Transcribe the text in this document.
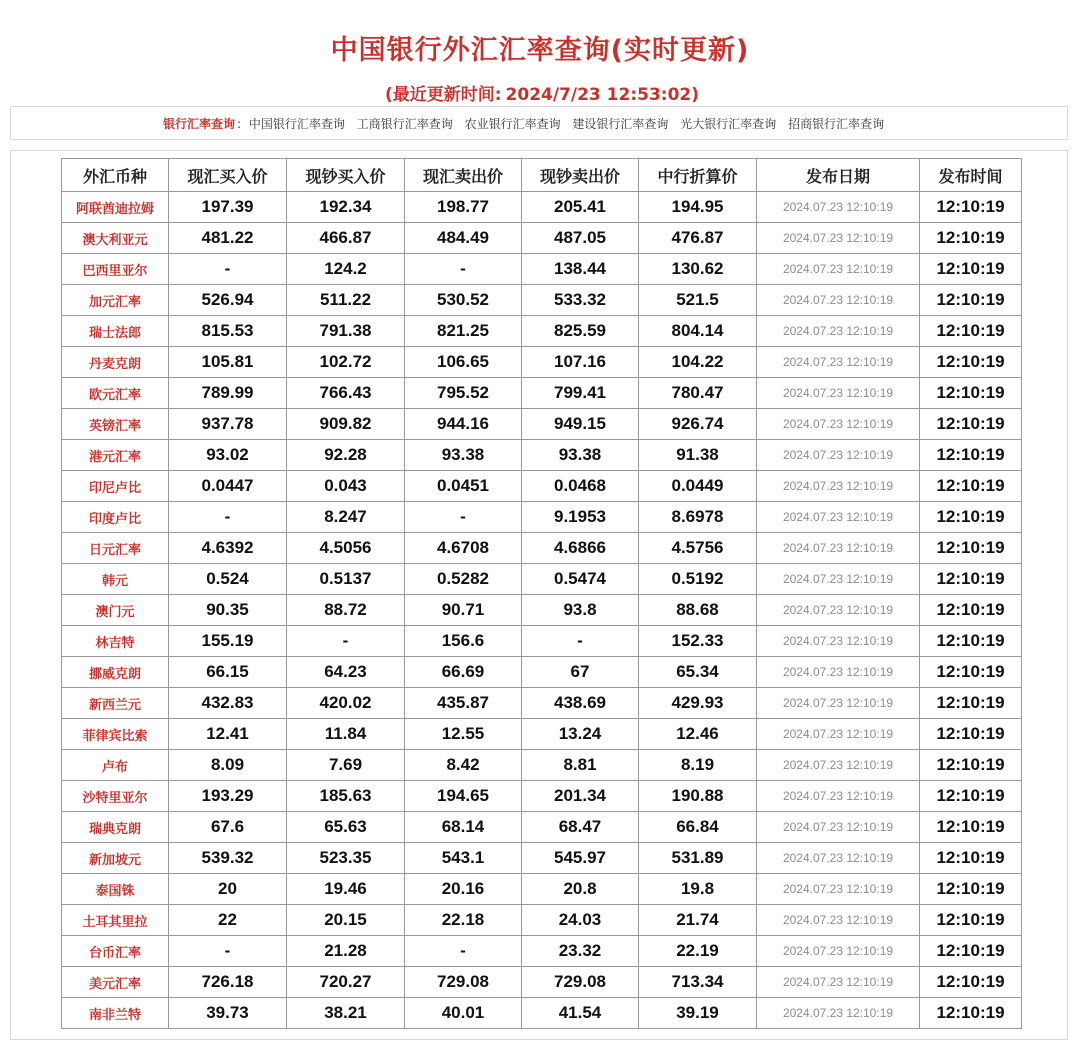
中国银行外汇汇率查询(实时更新)
(最近更新时间: 2024/7/23 12:53:02)
银行汇率查询 : 中国银行汇率查询 工商银行汇率查询 农业银行汇率查询 建设银行汇率查询 光大银行汇率查询 招商银行汇率查询
外汇币种	现汇买入价	现钞买入价	现汇卖出价	现钞卖出价	中行折算价	发布日期	发布时间
阿联酋迪拉姆	197.39	192.34	198.77	205.41	194.95	2024.07.23 12:10:19	12:10:19
澳大利亚元	481.22	466.87	484.49	487.05	476.87	2024.07.23 12:10:19	12:10:19
巴西里亚尔	-	124.2	-	138.44	130.62	2024.07.23 12:10:19	12:10:19
加元汇率	526.94	511.22	530.52	533.32	521.5	2024.07.23 12:10:19	12:10:19
瑞士法郎	815.53	791.38	821.25	825.59	804.14	2024.07.23 12:10:19	12:10:19
丹麦克朗	105.81	102.72	106.65	107.16	104.22	2024.07.23 12:10:19	12:10:19
欧元汇率	789.99	766.43	795.52	799.41	780.47	2024.07.23 12:10:19	12:10:19
英镑汇率	937.78	909.82	944.16	949.15	926.74	2024.07.23 12:10:19	12:10:19
港元汇率	93.02	92.28	93.38	93.38	91.38	2024.07.23 12:10:19	12:10:19
印尼卢比	0.0447	0.043	0.0451	0.0468	0.0449	2024.07.23 12:10:19	12:10:19
印度卢比	-	8.247	-	9.1953	8.6978	2024.07.23 12:10:19	12:10:19
日元汇率	4.6392	4.5056	4.6708	4.6866	4.5756	2024.07.23 12:10:19	12:10:19
韩元	0.524	0.5137	0.5282	0.5474	0.5192	2024.07.23 12:10:19	12:10:19
澳门元	90.35	88.72	90.71	93.8	88.68	2024.07.23 12:10:19	12:10:19
林吉特	155.19	-	156.6	-	152.33	2024.07.23 12:10:19	12:10:19
挪威克朗	66.15	64.23	66.69	67	65.34	2024.07.23 12:10:19	12:10:19
新西兰元	432.83	420.02	435.87	438.69	429.93	2024.07.23 12:10:19	12:10:19
菲律宾比索	12.41	11.84	12.55	13.24	12.46	2024.07.23 12:10:19	12:10:19
卢布	8.09	7.69	8.42	8.81	8.19	2024.07.23 12:10:19	12:10:19
沙特里亚尔	193.29	185.63	194.65	201.34	190.88	2024.07.23 12:10:19	12:10:19
瑞典克朗	67.6	65.63	68.14	68.47	66.84	2024.07.23 12:10:19	12:10:19
新加坡元	539.32	523.35	543.1	545.97	531.89	2024.07.23 12:10:19	12:10:19
泰国铢	20	19.46	20.16	20.8	19.8	2024.07.23 12:10:19	12:10:19
土耳其里拉	22	20.15	22.18	24.03	21.74	2024.07.23 12:10:19	12:10:19
台币汇率	-	21.28	-	23.32	22.19	2024.07.23 12:10:19	12:10:19
美元汇率	726.18	720.27	729.08	729.08	713.34	2024.07.23 12:10:19	12:10:19
南非兰特	39.73	38.21	40.01	41.54	39.19	2024.07.23 12:10:19	12:10:19
